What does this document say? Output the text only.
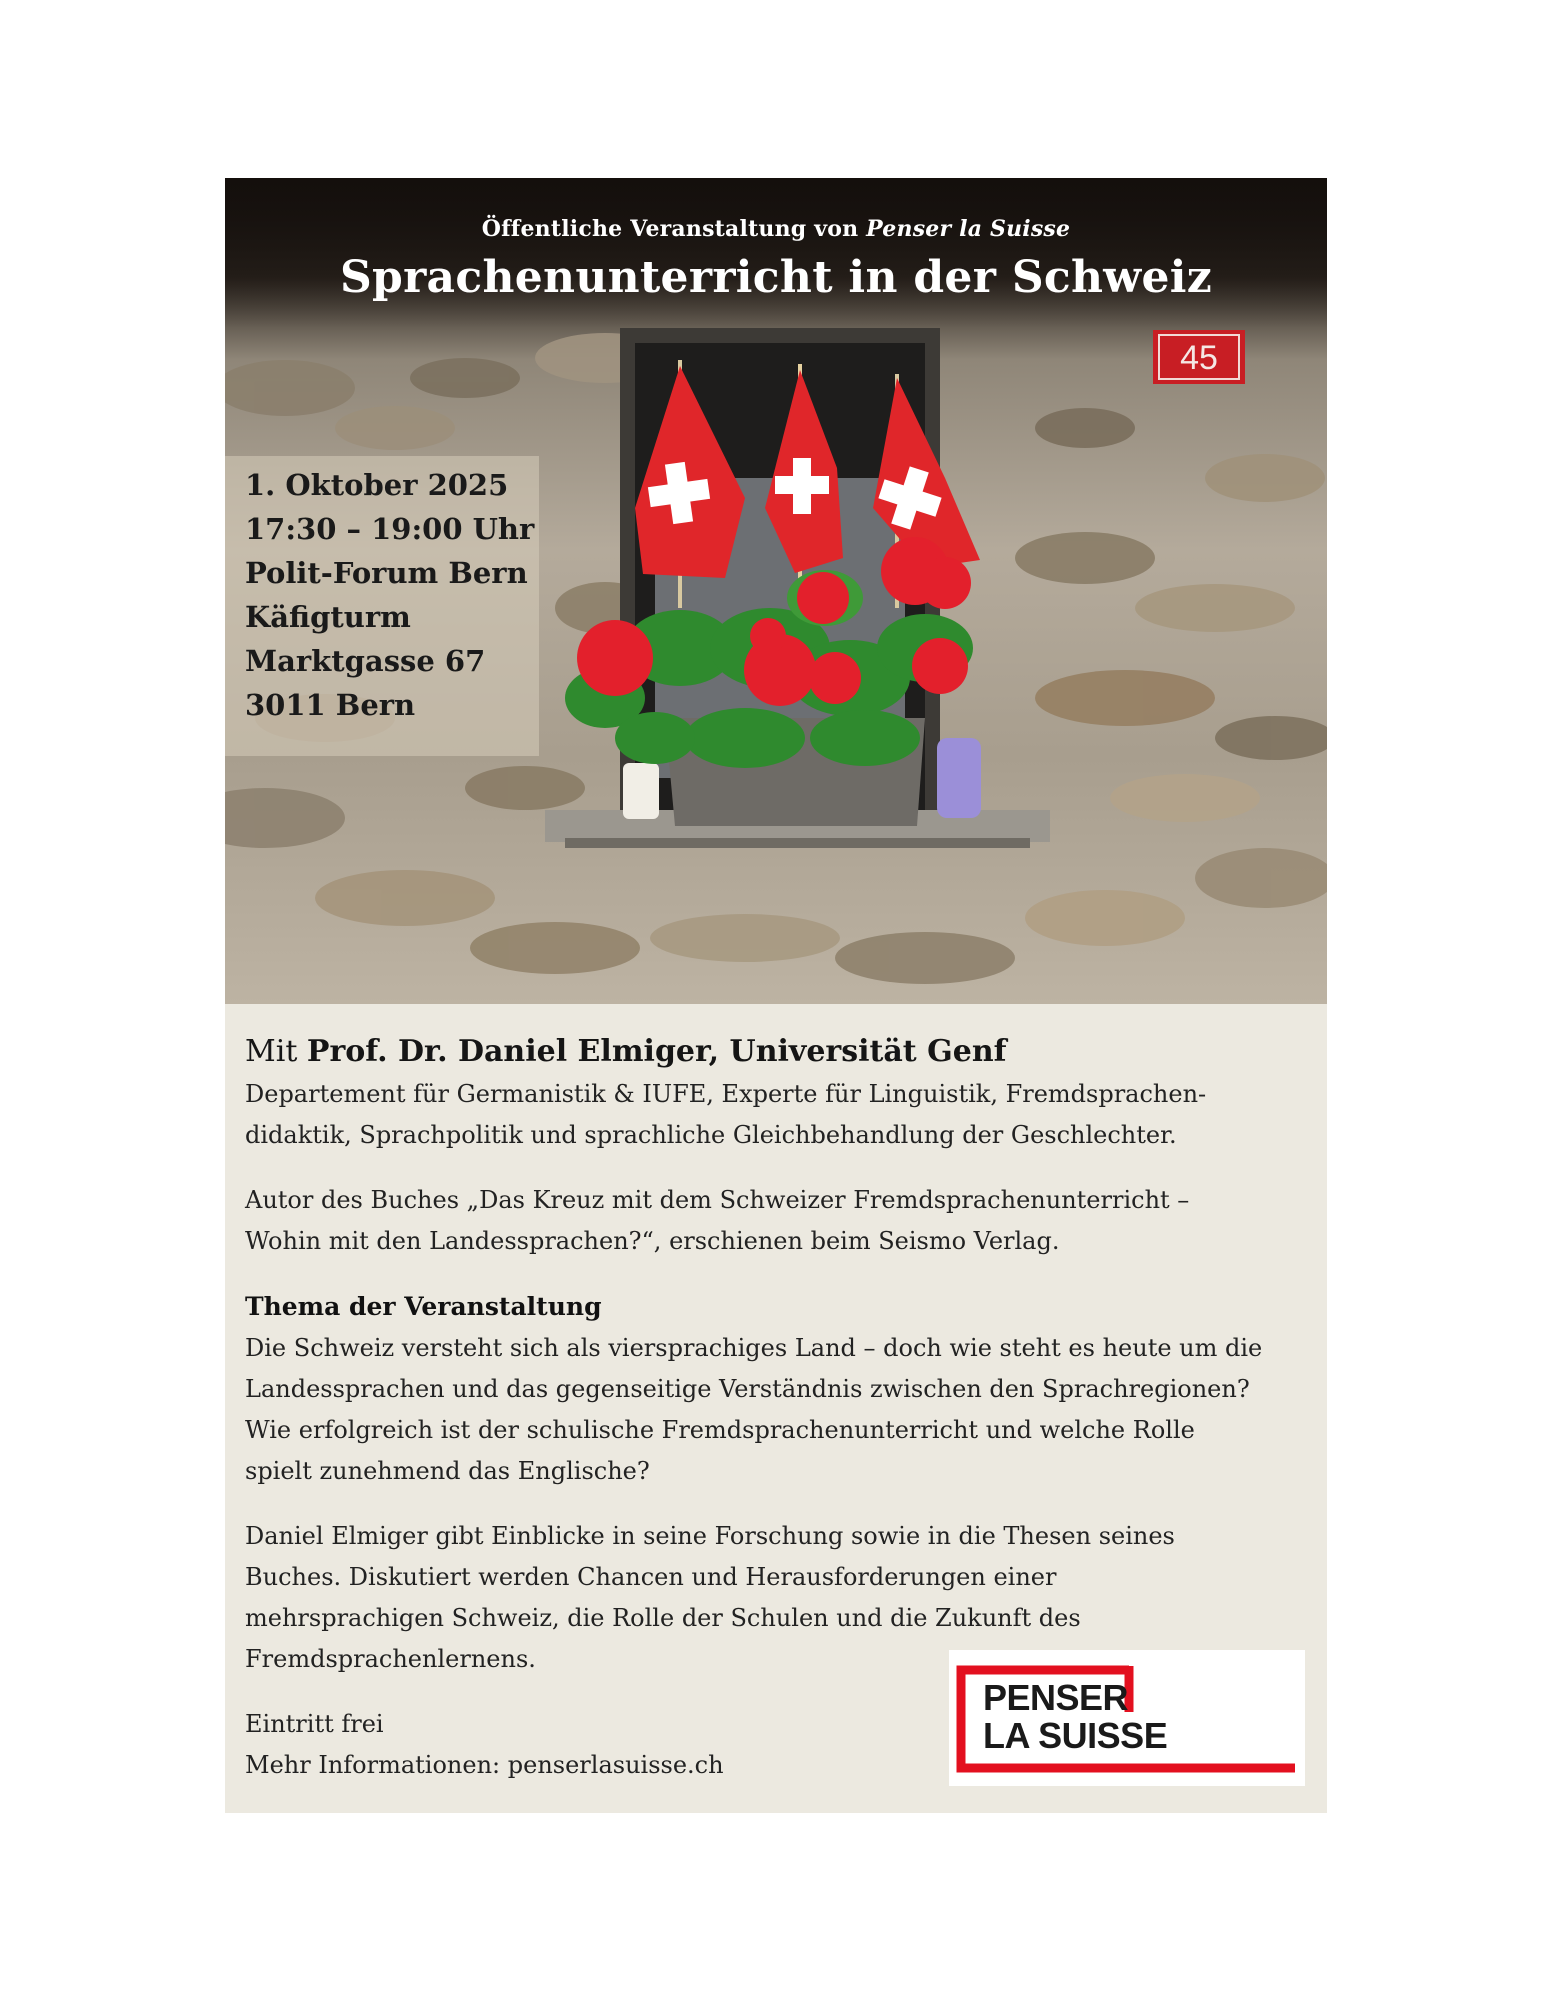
45
Öffentliche Veranstaltung von Penser la Suisse
Sprachenunterricht in der Schweiz
1. Oktober 2025
17:30 – 19:00 Uhr
Polit-Forum Bern
Käfigturm
Marktgasse 67
3011 Bern
Mit Prof. Dr. Daniel Elmiger, Universität Genf
Departement für Germanistik & IUFE, Experte für Linguistik, Fremdsprachen-
didaktik, Sprachpolitik und sprachliche Gleichbehandlung der Geschlechter.
Autor des Buches „Das Kreuz mit dem Schweizer Fremdsprachenunterricht –
Wohin mit den Landessprachen?“, erschienen beim Seismo Verlag.
Thema der Veranstaltung
Die Schweiz versteht sich als viersprachiges Land – doch wie steht es heute um die
Landessprachen und das gegenseitige Verständnis zwischen den Sprachregionen?
Wie erfolgreich ist der schulische Fremdsprachenunterricht und welche Rolle
spielt zunehmend das Englische?
Daniel Elmiger gibt Einblicke in seine Forschung sowie in die Thesen seines
Buches. Diskutiert werden Chancen und Herausforderungen einer
mehrsprachigen Schweiz, die Rolle der Schulen und die Zukunft des
Fremdsprachenlernens.
Eintritt frei
Mehr Informationen: penserlasuisse.ch
PENSER
LA SUISSE
